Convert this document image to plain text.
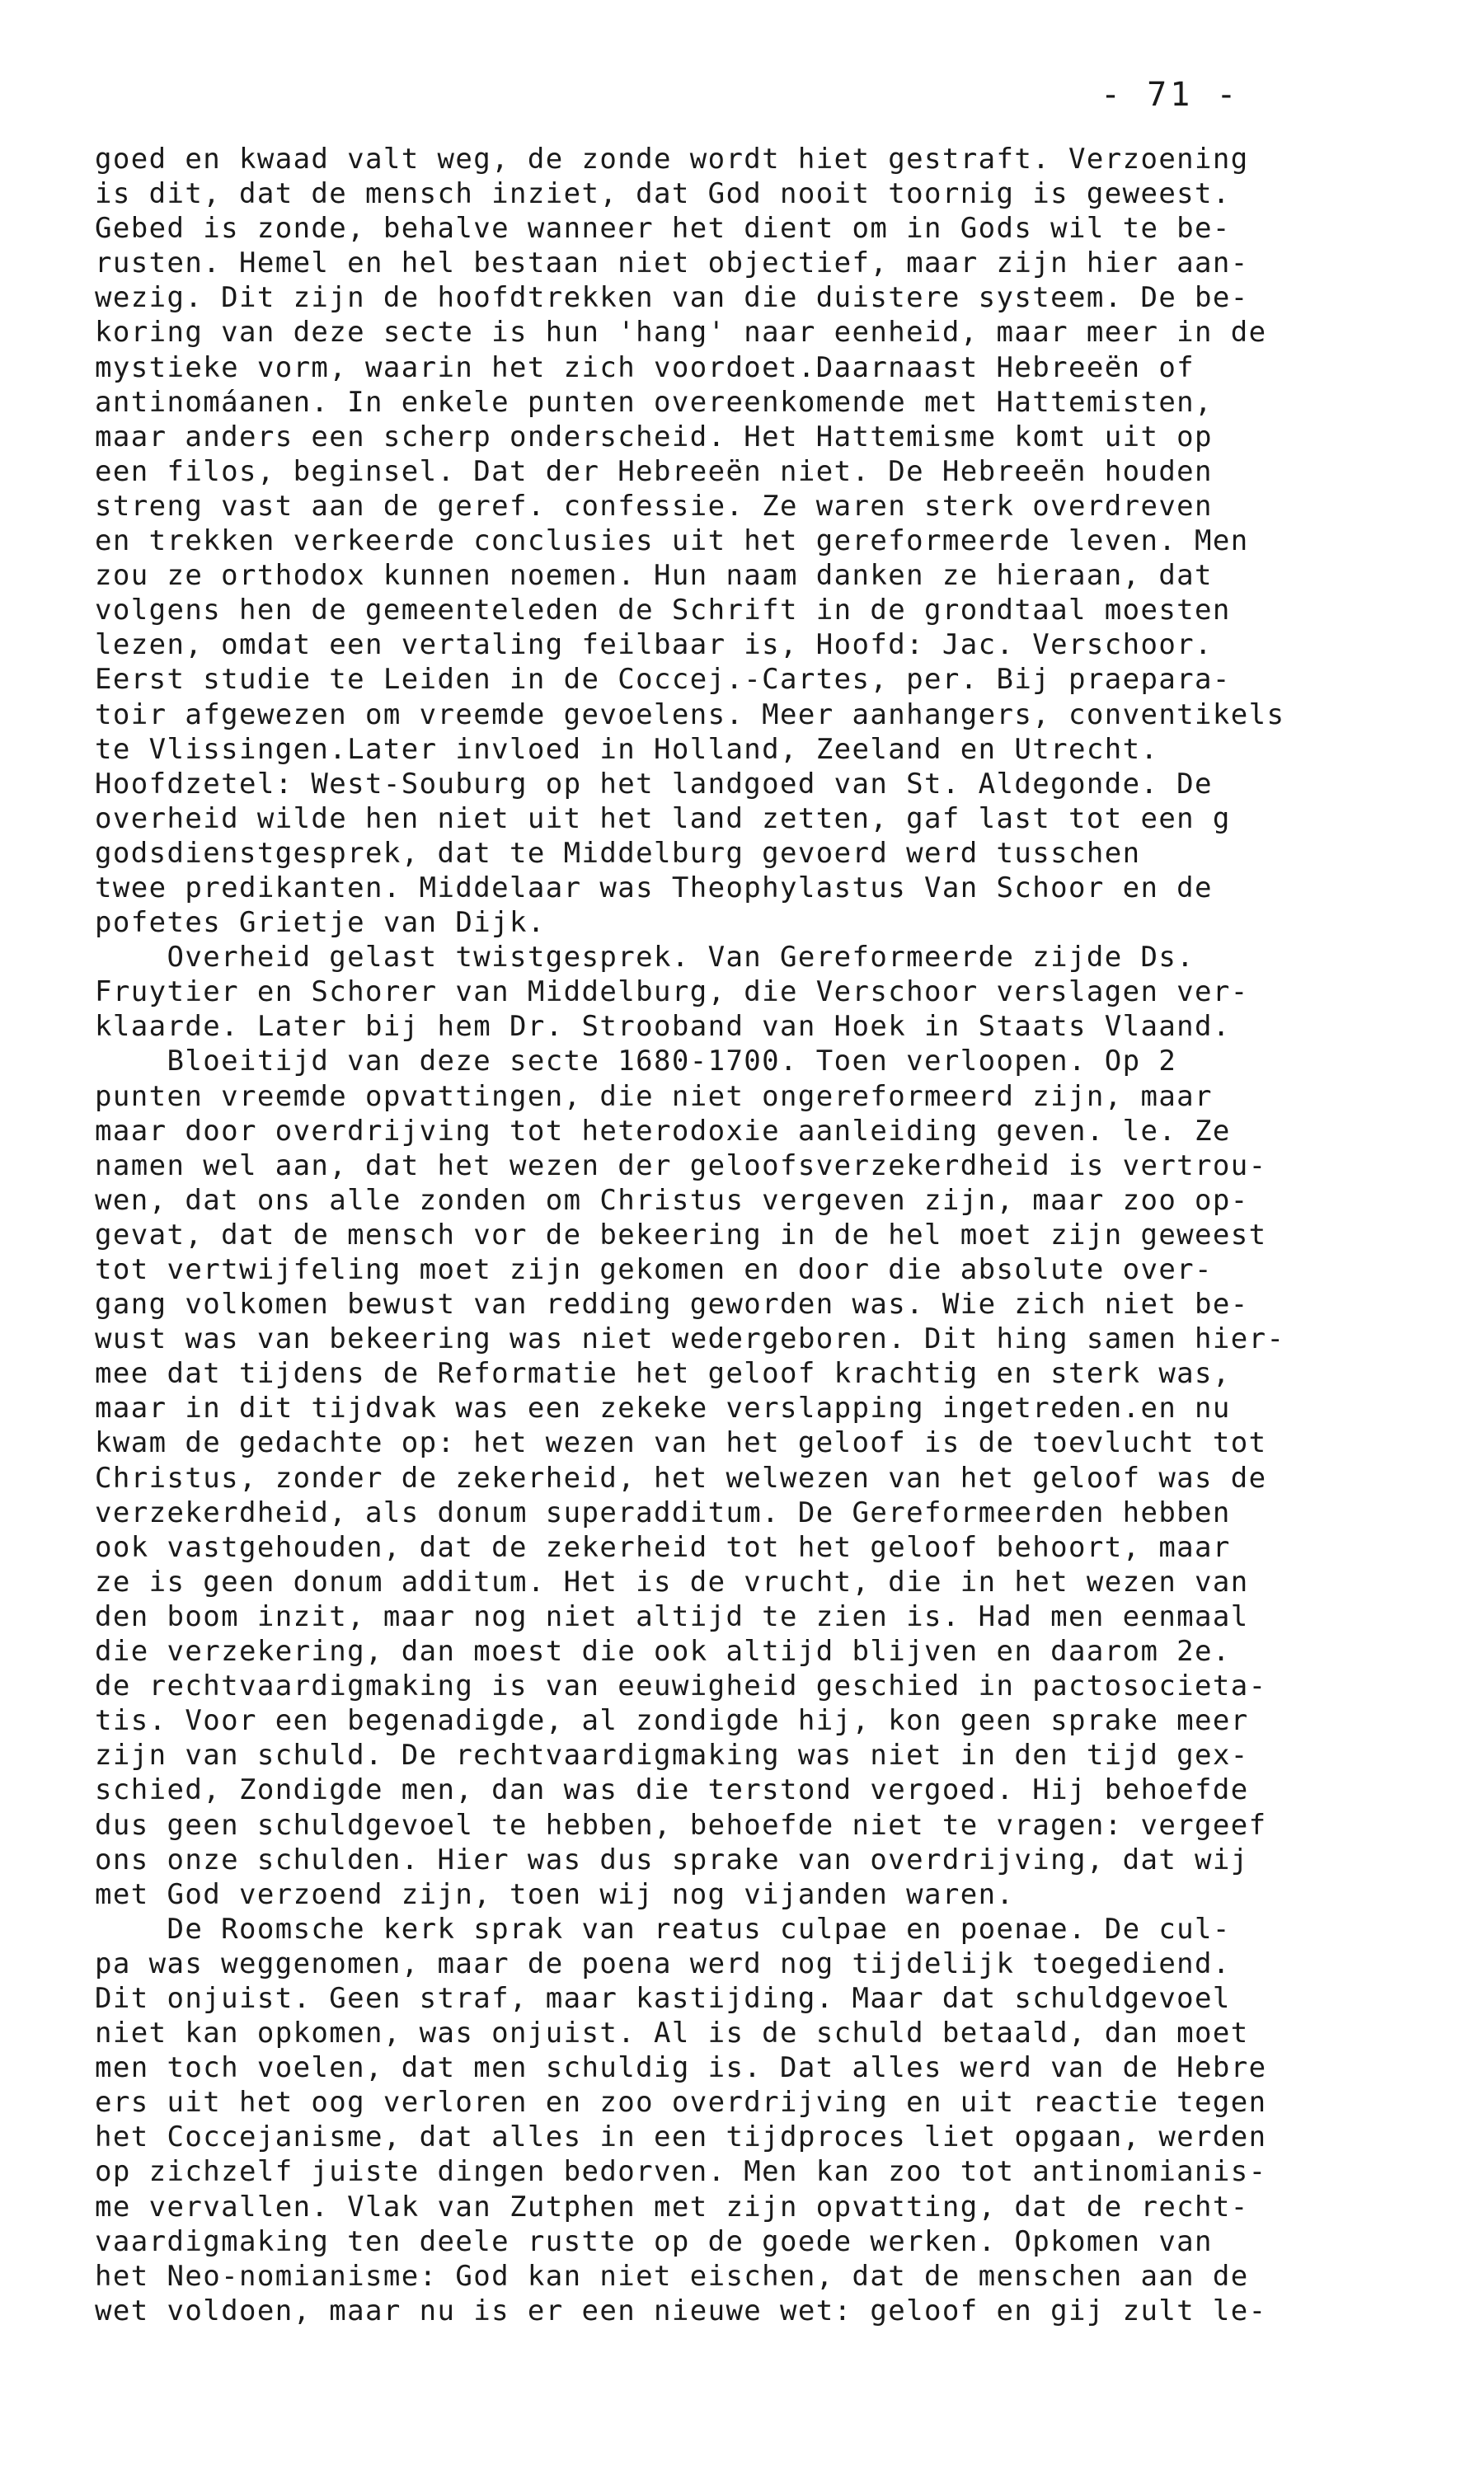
- 71 -
goed en kwaad valt weg, de zonde wordt hiet gestraft. Verzoening
is dit, dat de mensch inziet, dat God nooit toornig is geweest.
Gebed is zonde, behalve wanneer het dient om in Gods wil te be-
rusten. Hemel en hel bestaan niet objectief, maar zijn hier aan-
wezig. Dit zijn de hoofdtrekken van die duistere systeem. De be-
koring van deze secte is hun 'hang' naar eenheid, maar meer in de
mystieke vorm, waarin het zich voordoet.Daarnaast Hebreeën of
antinomáanen. In enkele punten overeenkomende met Hattemisten,
maar anders een scherp onderscheid. Het Hattemisme komt uit op
een filos, beginsel. Dat der Hebreeën niet. De Hebreeën houden
streng vast aan de geref. confessie. Ze waren sterk overdreven
en trekken verkeerde conclusies uit het gereformeerde leven. Men
zou ze orthodox kunnen noemen. Hun naam danken ze hieraan, dat
volgens hen de gemeenteleden de Schrift in de grondtaal moesten
lezen, omdat een vertaling feilbaar is, Hoofd: Jac. Verschoor.
Eerst studie te Leiden in de Coccej.-Cartes, per. Bij praepara-
toir afgewezen om vreemde gevoelens. Meer aanhangers, conventikels
te Vlissingen.Later invloed in Holland, Zeeland en Utrecht.
Hoofdzetel: West-Souburg op het landgoed van St. Aldegonde. De
overheid wilde hen niet uit het land zetten, gaf last tot een g
godsdienstgesprek, dat te Middelburg gevoerd werd tusschen
twee predikanten. Middelaar was Theophylastus Van Schoor en de
pofetes Grietje van Dijk.
Overheid gelast twistgesprek. Van Gereformeerde zijde Ds.
Fruytier en Schorer van Middelburg, die Verschoor verslagen ver-
klaarde. Later bij hem Dr. Strooband van Hoek in Staats Vlaand.
Bloeitijd van deze secte 1680-1700. Toen verloopen. Op 2
punten vreemde opvattingen, die niet ongereformeerd zijn, maar
maar door overdrijving tot heterodoxie aanleiding geven. le. Ze
namen wel aan, dat het wezen der geloofsverzekerdheid is vertrou-
wen, dat ons alle zonden om Christus vergeven zijn, maar zoo op-
gevat, dat de mensch vor de bekeering in de hel moet zijn geweest
tot vertwijfeling moet zijn gekomen en door die absolute over-
gang volkomen bewust van redding geworden was. Wie zich niet be-
wust was van bekeering was niet wedergeboren. Dit hing samen hier-
mee dat tijdens de Reformatie het geloof krachtig en sterk was,
maar in dit tijdvak was een zekeke verslapping ingetreden.en nu
kwam de gedachte op: het wezen van het geloof is de toevlucht tot
Christus, zonder de zekerheid, het welwezen van het geloof was de
verzekerdheid, als donum superadditum. De Gereformeerden hebben
ook vastgehouden, dat de zekerheid tot het geloof behoort, maar
ze is geen donum additum. Het is de vrucht, die in het wezen van
den boom inzit, maar nog niet altijd te zien is. Had men eenmaal
die verzekering, dan moest die ook altijd blijven en daarom 2e.
de rechtvaardigmaking is van eeuwigheid geschied in pactosocieta-
tis. Voor een begenadigde, al zondigde hij, kon geen sprake meer
zijn van schuld. De rechtvaardigmaking was niet in den tijd gex-
schied, Zondigde men, dan was die terstond vergoed. Hij behoefde
dus geen schuldgevoel te hebben, behoefde niet te vragen: vergeef
ons onze schulden. Hier was dus sprake van overdrijving, dat wij
met God verzoend zijn, toen wij nog vijanden waren.
De Roomsche kerk sprak van reatus culpae en poenae. De cul-
pa was weggenomen, maar de poena werd nog tijdelijk toegediend.
Dit onjuist. Geen straf, maar kastijding. Maar dat schuldgevoel
niet kan opkomen, was onjuist. Al is de schuld betaald, dan moet
men toch voelen, dat men schuldig is. Dat alles werd van de Hebre
ers uit het oog verloren en zoo overdrijving en uit reactie tegen
het Coccejanisme, dat alles in een tijdproces liet opgaan, werden
op zichzelf juiste dingen bedorven. Men kan zoo tot antinomianis-
me vervallen. Vlak van Zutphen met zijn opvatting, dat de recht-
vaardigmaking ten deele rustte op de goede werken. Opkomen van
het Neo-nomianisme: God kan niet eischen, dat de menschen aan de
wet voldoen, maar nu is er een nieuwe wet: geloof en gij zult le-
